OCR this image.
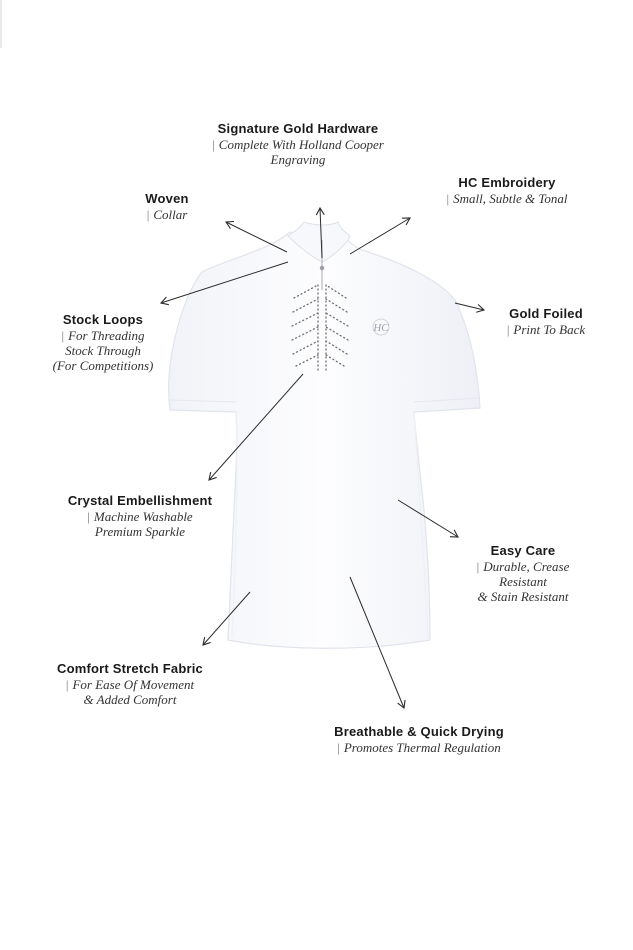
HC
Signature Gold Hardware
| Complete With Holland Cooper
Engraving
HC Embroidery
| Small, Subtle & Tonal
Woven
| Collar
Stock Loops
| For Threading
Stock Through
(For Competitions)
Gold Foiled
| Print To Back
Crystal Embellishment
| Machine Washable
Premium Sparkle
Easy Care
| Durable, Crease
Resistant
& Stain Resistant
Comfort Stretch Fabric
| For Ease Of Movement
& Added Comfort
Breathable & Quick Drying
| Promotes Thermal Regulation
